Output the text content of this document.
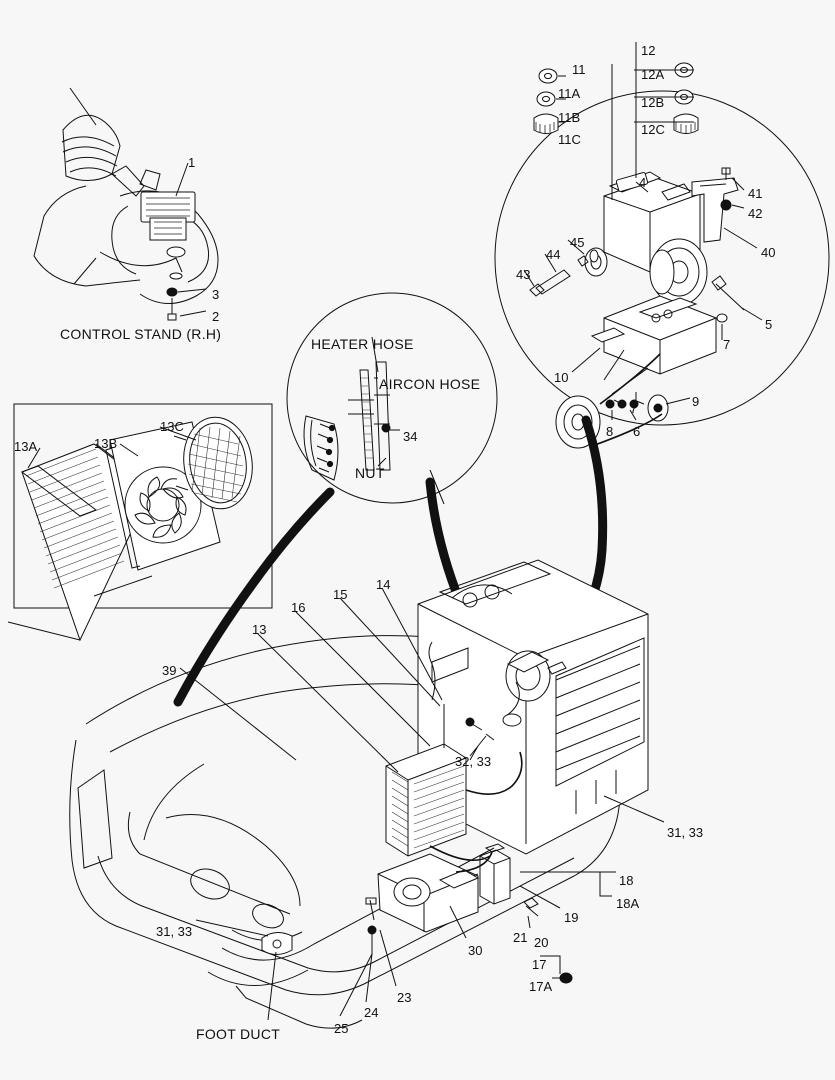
CONTROL STAND (R.H)
HEATER HOSE
AIRCON HOSE
NUT
FOOT DUCT
1
3
2
12
11	12A
11A
12B
11B
12C
11C
4
41
42
40
45
44
43
5
7
10
7	9
8 6
34
13C
13B
13A
14
15
16
13
39
32, 33
31, 33
31, 33
18
18A
19
20
21
17
17A
30
23
24
25
